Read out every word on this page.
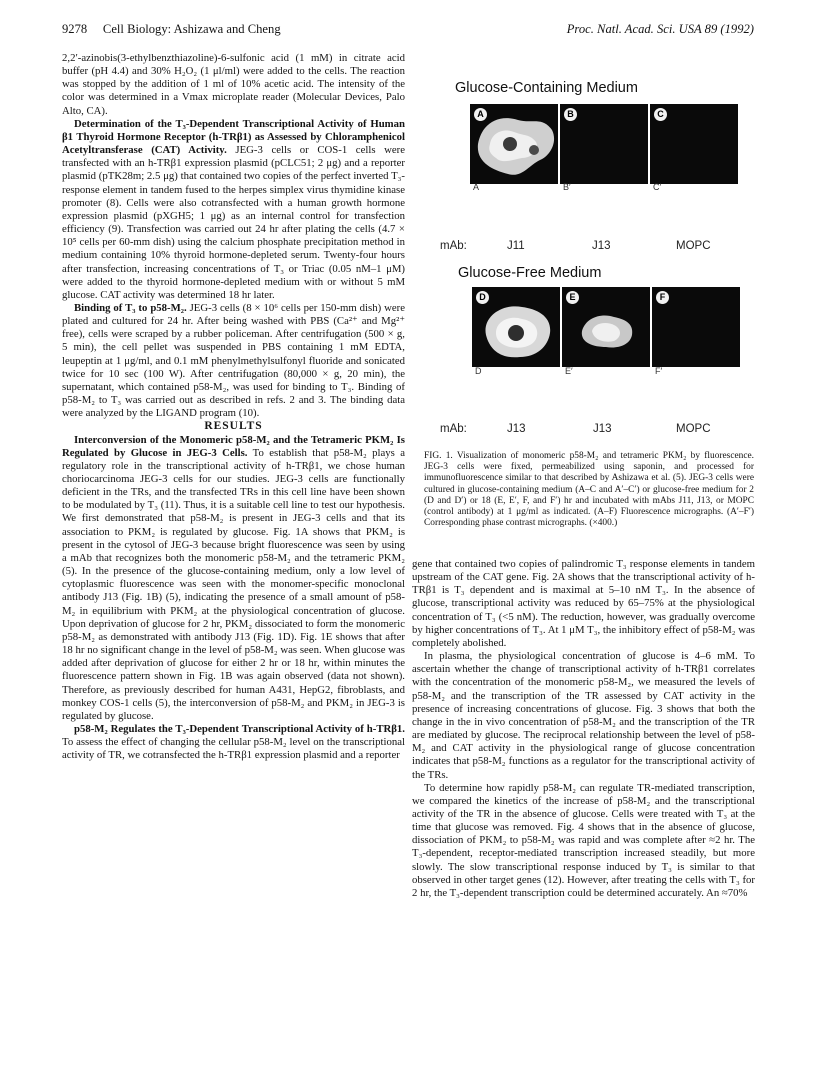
9278     Cell Biology: Ashizawa and Cheng	Proc. Natl. Acad. Sci. USA 89 (1992)

2,2′-azinobis(3-ethylbenzthiazoline)-6-sulfonic acid (1 mM) in citrate acid buffer (pH 4.4) and 30% H₂O₂ (1 μl/ml) were added to the cells. The reaction was stopped by the addition of 1 ml of 10% acetic acid. The intensity of the color was determined in a Vmax microplate reader (Molecular Devices, Palo Alto, CA).

Determination of the T₃-Dependent Transcriptional Activity of Human β1 Thyroid Hormone Receptor (h-TRβ1) as Assessed by Chloramphenicol Acetyltransferase (CAT) Activity. JEG-3 cells or COS-1 cells were transfected with an h-TRβ1 expression plasmid (pCLC51; 2 μg) and a reporter plasmid (pTK28m; 2.5 μg) that contained two copies of the perfect inverted T₃-response element in tandem fused to the herpes simplex virus thymidine kinase promoter (8). Cells were also cotransfected with a human growth hormone expression plasmid (pXGH5; 1 μg) as an internal control for transfection efficiency (9). Transfection was carried out 24 hr after plating the cells (4.7 × 10⁵ cells per 60-mm dish) using the calcium phosphate precipitation method in medium containing 10% thyroid hormone-depleted serum. Twenty-four hours after transfection, increasing concentrations of T₃ or Triac (0.05 nM–1 μM) were added to the thyroid hormone-depleted medium with or without 5 mM glucose. CAT activity was determined 18 hr later.

Binding of T₃ to p58-M₂. JEG-3 cells (8 × 10⁶ cells per 150-mm dish) were plated and cultured for 24 hr. After being washed with PBS (Ca²⁺ and Mg²⁺ free), cells were scraped by a rubber policeman. After centrifugation (500 × g, 5 min), the cell pellet was suspended in PBS containing 1 mM EDTA, leupeptin at 1 μg/ml, and 0.1 mM phenylmethylsulfonyl fluoride and sonicated twice for 10 sec (100 W). After centrifugation (80,000 × g, 20 min), the supernatant, which contained p58-M₂, was used for binding to T₃. Binding of p58-M₂ to T₃ was carried out as described in refs. 2 and 3. The binding data were analyzed by the LIGAND program (10).

RESULTS

Interconversion of the Monomeric p58-M₂ and the Tetrameric PKM₂ Is Regulated by Glucose in JEG-3 Cells. To establish that p58-M₂ plays a regulatory role in the transcriptional activity of h-TRβ1, we chose human choriocarcinoma JEG-3 cells for our studies. JEG-3 cells are functionally deficient in the TRs, and the transfected TRs in this cell line have been shown to be modulated by T₃ (11). Thus, it is a suitable cell line to test our hypothesis. We first demonstrated that p58-M₂ is present in JEG-3 cells and that its association to PKM₂ is regulated by glucose. Fig. 1A shows that PKM₂ is present in the cytosol of JEG-3 because bright fluorescence was seen by using a mAb that recognizes both the monomeric p58-M₂ and the tetrameric PKM₂ (5). In the presence of the glucose-containing medium, only a low level of cytoplasmic fluorescence was seen with the monomer-specific monoclonal antibody J13 (Fig. 1B) (5), indicating the presence of a small amount of p58-M₂ in equilibrium with PKM₂ at the physiological concentration of glucose. Upon deprivation of glucose for 2 hr, PKM₂ dissociated to form the monomeric p58-M₂ as demonstrated with antibody J13 (Fig. 1D). Fig. 1E shows that after 18 hr no significant change in the level of p58-M₂ was seen. When glucose was added after deprivation of glucose for either 2 hr or 18 hr, within minutes the fluorescence pattern shown in Fig. 1B was again observed (data not shown). Therefore, as previously described for human A431, HepG2, fibroblasts, and monkey COS-1 cells (5), the interconversion of p58-M₂ and PKM₂ in JEG-3 is regulated by glucose.

p58-M₂ Regulates the T₃-Dependent Transcriptional Activity of h-TRβ1. To assess the effect of changing the cellular p58-M₂ level on the transcriptional activity of TR, we cotransfected the h-TRβ1 expression plasmid and a reporter

Glucose-Containing Medium
A	B	C
A	B′	C′
mAb:	J11	J13	MOPC
Glucose-Free Medium
D	E	F
D	E′	F′
mAb:	J13	J13	MOPC

FIG. 1. Visualization of monomeric p58-M₂ and tetrameric PKM₂ by fluorescence. JEG-3 cells were fixed, permeabilized using saponin, and processed for immunofluorescence similar to that described by Ashizawa et al. (5). JEG-3 cells were cultured in glucose-containing medium (A–C and A′–C′) or glucose-free medium for 2 (D and D′) or 18 (E, E′, F, and F′) hr and incubated with mAbs J11, J13, or MOPC (control antibody) at 1 μg/ml as indicated. (A–F) Fluorescence micrographs. (A′–F′) Corresponding phase contrast micrographs. (×400.)

gene that contained two copies of palindromic T₃ response elements in tandem upstream of the CAT gene. Fig. 2A shows that the transcriptional activity of h-TRβ1 is T₃ dependent and is maximal at 5–10 nM T₃. In the absence of glucose, transcriptional activity was reduced by 65–75% at the physiological concentration of T₃ (<5 nM). The reduction, however, was gradually overcome by higher concentrations of T₃. At 1 μM T₃, the inhibitory effect of p58-M₂ was completely abolished.

In plasma, the physiological concentration of glucose is 4–6 mM. To ascertain whether the change of transcriptional activity of h-TRβ1 correlates with the concentration of the monomeric p58-M₂, we measured the levels of p58-M₂ and the transcription of the TR assessed by CAT activity in the presence of increasing concentrations of glucose. Fig. 3 shows that both the change in the in vivo concentration of p58-M₂ and the transcription of the TR are mediated by glucose. The reciprocal relationship between the level of p58-M₂ and CAT activity in the physiological range of glucose concentration indicates that p58-M₂ functions as a regulator for the transcriptional activity of the TRs.

To determine how rapidly p58-M₂ can regulate TR-mediated transcription, we compared the kinetics of the increase of p58-M₂ and the transcriptional activity of the TR in the absence of glucose. Cells were treated with T₃ at the time that glucose was removed. Fig. 4 shows that in the absence of glucose, dissociation of PKM₂ to p58-M₂ was rapid and was complete after ≈2 hr. The T₃-dependent, receptor-mediated transcription increased steadily, but more slowly. The slow transcriptional response induced by T₃ is similar to that observed in other target genes (12). However, after treating the cells with T₃ for 2 hr, the T₃-dependent transcription could be determined accurately. An ≈70%
